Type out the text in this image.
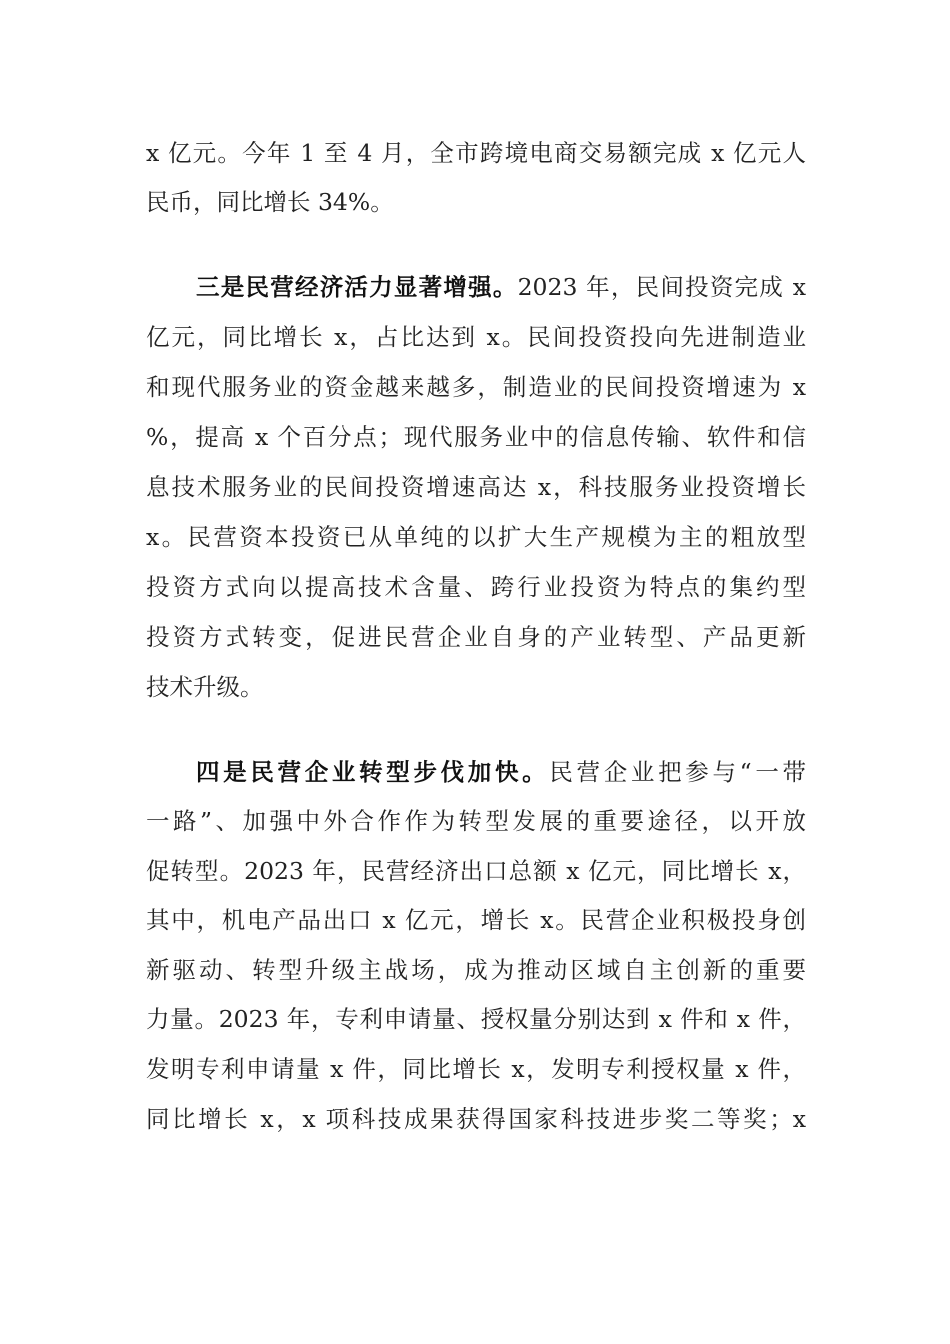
x 亿元。今年 1 至 4 月，全市跨境电商交易额完成 x 亿元人
民币，同比增长 34%。
三是民营经济活力显著增强。2023 年，民间投资完成 x
亿元，同比增长 x，占比达到 x。民间投资投向先进制造业
和现代服务业的资金越来越多，制造业的民间投资增速为 x
%，提高 x 个百分点；现代服务业中的信息传输、软件和信
息技术服务业的民间投资增速高达 x，科技服务业投资增长
x。民营资本投资已从单纯的以扩大生产规模为主的粗放型
投资方式向以提高技术含量、跨行业投资为特点的集约型
投资方式转变，促进民营企业自身的产业转型、产品更新
技术升级。
四是民营企业转型步伐加快。民营企业把参与“一带
一路”、加强中外合作作为转型发展的重要途径，以开放
促转型。2023 年，民营经济出口总额 x 亿元，同比增长 x，
其中，机电产品出口 x 亿元，增长 x。民营企业积极投身创
新驱动、转型升级主战场，成为推动区域自主创新的重要
力量。2023 年，专利申请量、授权量分别达到 x 件和 x 件，
发明专利申请量 x 件，同比增长 x，发明专利授权量 x 件，
同比增长 x，x 项科技成果获得国家科技进步奖二等奖；x
